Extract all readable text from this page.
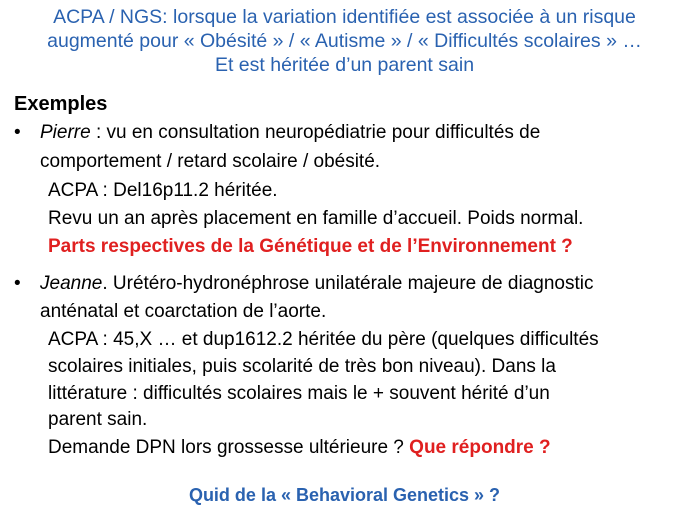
ACPA / NGS: lorsque la variation identifiée est associée à un risque
augmenté pour « Obésité » / « Autisme » / « Difficultés scolaires » …
Et est héritée d’un parent sain
Exemples
• Pierre : vu en consultation neuropédiatrie pour difficultés de
comportement / retard scolaire / obésité.
ACPA : Del16p11.2 héritée.
Revu un an après placement en famille d’accueil. Poids normal.
Parts respectives de la Génétique et de l’Environnement ?
• Jeanne. Urétéro-hydronéphrose unilatérale majeure de diagnostic
anténatal et coarctation de l’aorte.
ACPA : 45,X … et dup1612.2 héritée du père (quelques difficultés
scolaires initiales, puis scolarité de très bon niveau). Dans la
littérature : difficultés scolaires mais le + souvent hérité d’un
parent sain.
Demande DPN lors grossesse ultérieure ? Que répondre ?
Quid de la « Behavioral Genetics » ?
